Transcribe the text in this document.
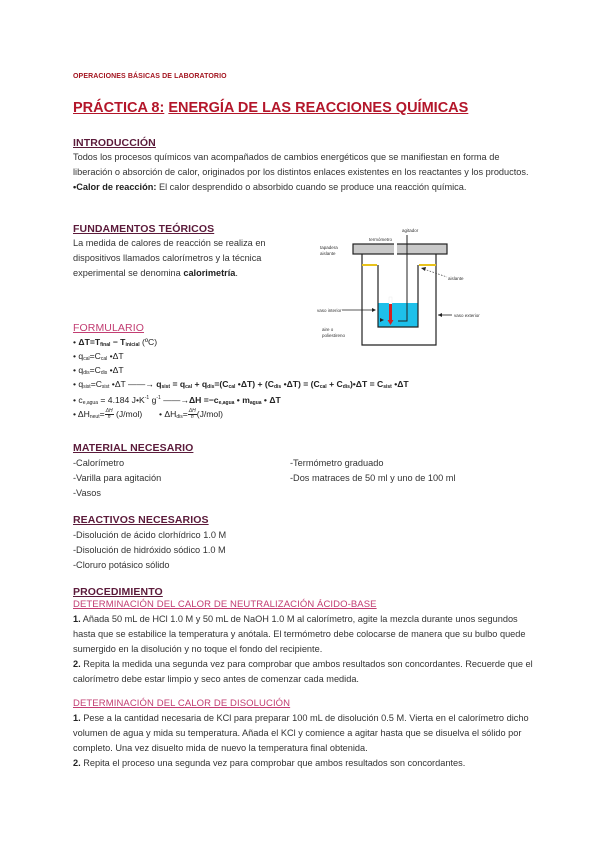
OPERACIONES BÁSICAS DE LABORATORIO
PRÁCTICA 8: ENERGÍA DE LAS REACCIONES QUÍMICAS
INTRODUCCIÓN
Todos los procesos químicos van acompañados de cambios energéticos que se manifiestan en forma de liberación o absorción de calor, originados por los distintos enlaces existentes en los reactantes y los productos.
•Calor de reacción: El calor desprendido o absorbido cuando se produce una reacción química.
FUNDAMENTOS TEÓRICOS
La medida de calores de reacción se realiza en dispositivos llamados calorímetros y la técnica experimental se denomina calorimetría.
FORMULARIO
• $\Delta T=T_{final} - T_{inicial}$ (ºC)
• $q_{cal}=C_{cal}$ •ΔT
• $q_{dis}=C_{dis}$ •ΔT
• $q_{sist}=C_{sist}$ •ΔT ——→ $q_{sist} = q_{cal} + q_{dis}=(C_{cal}$ •ΔT) + ($C_{dis}$ •ΔT) = ($C_{cal}$ + $C_{dis})•\Delta T = C_{sist}$ •ΔT
• $c_{e,agua} = 4.184$ $J•K^{-1}$ $g^{-1}$ ——→ΔH $=-c_{e,agua}$ • $m_{agua}$ • ΔT
• $\Delta H_{neut}= \frac{\Delta H}{n} (J/mol)$       • $\Delta H_{dis}= \frac{\Delta H}{n}(J/mol)$
MATERIAL NECESARIO
-Calorímetro
-Varilla para agitación
-Vasos
-Termómetro graduado
-Dos matraces de 50 ml y uno de 100 ml
REACTIVOS NECESARIOS
-Disolución de ácido clorhídrico 1.0 M
-Disolución de hidróxido sódico 1.0 M
-Cloruro potásico sólido
PROCEDIMIENTO
DETERMINACIÓN DEL CALOR DE NEUTRALIZACIÓN ÁCIDO-BASE
1. Añada 50 mL de HCl 1.0 M y 50 mL de NaOH 1.0 M al calorímetro, agite la mezcla durante unos segundos hasta que se estabilice la temperatura y anótala. El termómetro debe colocarse de manera que su bulbo quede sumergido en la disolución y no toque el fondo del recipiente.
2. Repita la medida una segunda vez para comprobar que ambos resultados son concordantes. Recuerde que el calorímetro debe estar limpio y seco antes de comenzar cada medida.
DETERMINACIÓN DEL CALOR DE DISOLUCIÓN
1. Pese a la cantidad necesaria de KCl para preparar 100 mL de disolución 0.5 M. Vierta en el calorímetro dicho volumen de agua y mida su temperatura. Añada el KCl y comience a agitar hasta que se disuelva el sólido por completo. Una vez disuelto mida de nuevo la temperatura final obtenida.
2. Repita el proceso una segunda vez para comprobar que ambos resultados son concordantes.
agitador
termómetro
tapadera
aislante
aislante
vaso interior
vaso exterior
aire o
poliestireno
